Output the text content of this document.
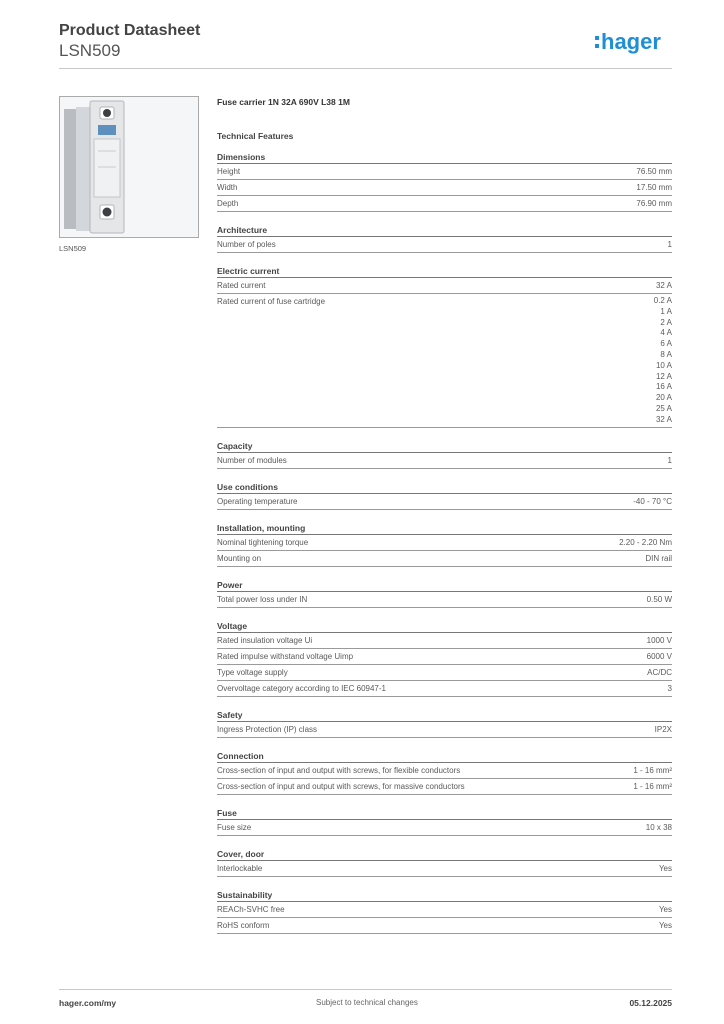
Product Datasheet

LSN509	hager
LSN509

Fuse carrier 1N 32A 690V L38 1M

Technical Features

Dimensions
Height	76.50 mm
Width	17.50 mm
Depth	76.90 mm
Architecture
Number of poles	1
Electric current
Rated current	32 A
Rated current of fuse cartridge	0.2 A
1 A
2 A
4 A
6 A
8 A
10 A
12 A
16 A
20 A
25 A
32 A
Capacity
Number of modules	1
Use conditions
Operating temperature	-40 - 70 °C
Installation, mounting
Nominal tightening torque	2.20 - 2.20 Nm
Mounting on	DIN rail
Power
Total power loss under IN	0.50 W
Voltage
Rated insulation voltage Ui	1000 V
Rated impulse withstand voltage Uimp	6000 V
Type voltage supply	AC/DC
Overvoltage category according to IEC 60947-1	3
Safety
Ingress Protection (IP) class	IP2X
Connection
Cross-section of input and output with screws, for flexible conductors	1 - 16 mm²
Cross-section of input and output with screws, for massive conductors	1 - 16 mm²
Fuse
Fuse size	10 x 38
Cover, door
Interlockable	Yes
Sustainability
REACh-SVHC free	Yes
RoHS conform	Yes
hager.com/my	Subject to technical changes	05.12.2025
